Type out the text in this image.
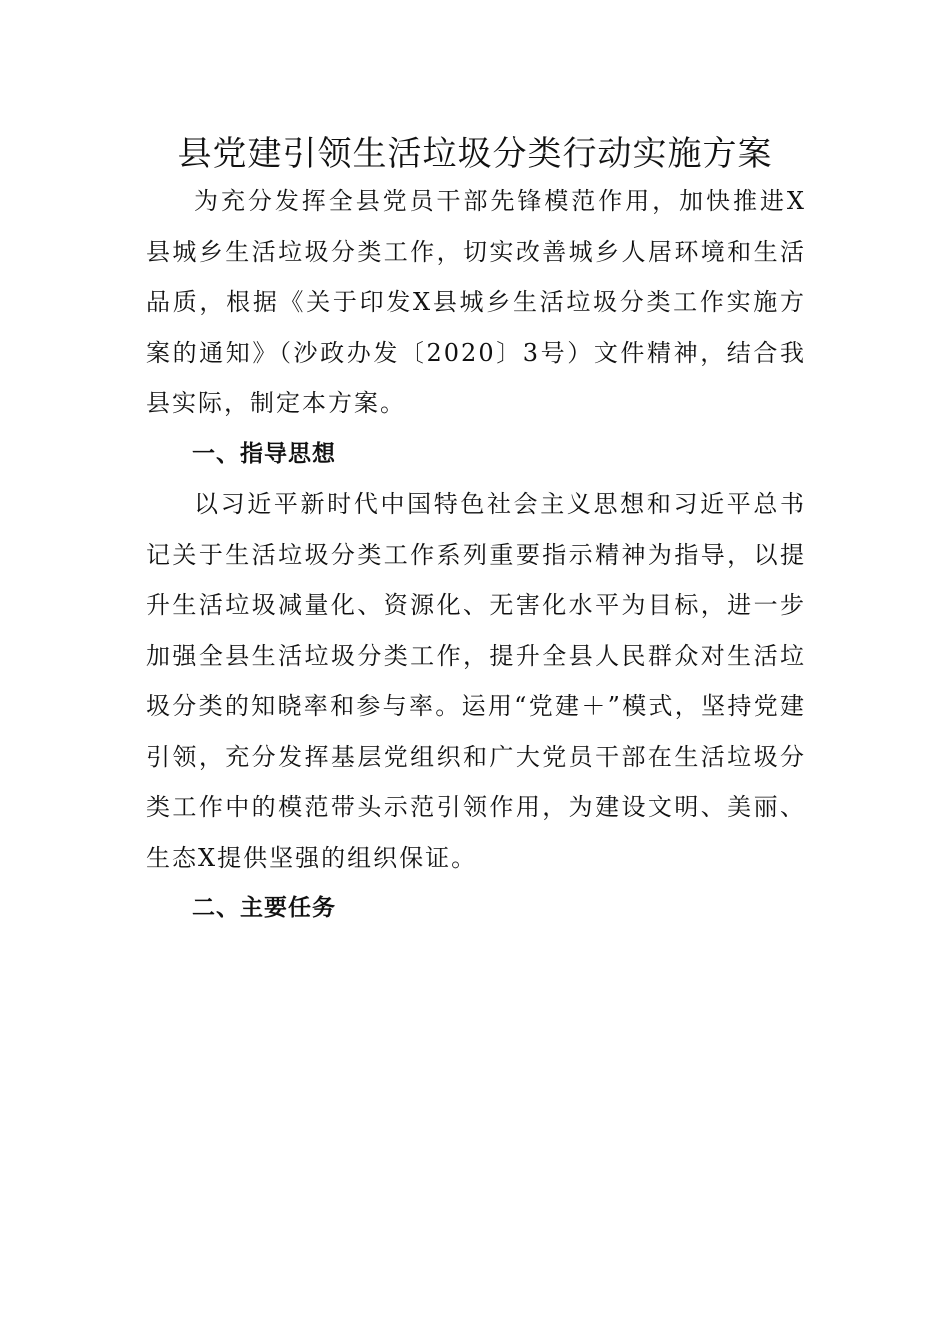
县党建引领生活垃圾分类行动实施方案

为充分发挥全县党员干部先锋模范作用，加快推进X县城乡生活垃圾分类工作，切实改善城乡人居环境和生活品质，根据《关于印发X县城乡生活垃圾分类工作实施方案的通知》（沙政办发〔2020〕3号）文件精神，结合我县实际，制定本方案。

一、指导思想

以习近平新时代中国特色社会主义思想和习近平总书记关于生活垃圾分类工作系列重要指示精神为指导，以提升生活垃圾减量化、资源化、无害化水平为目标，进一步加强全县生活垃圾分类工作，提升全县人民群众对生活垃圾分类的知晓率和参与率。运用“党建＋”模式，坚持党建引领，充分发挥基层党组织和广大党员干部在生活垃圾分类工作中的模范带头示范引领作用，为建设文明、美丽、生态X提供坚强的组织保证。

二、主要任务
